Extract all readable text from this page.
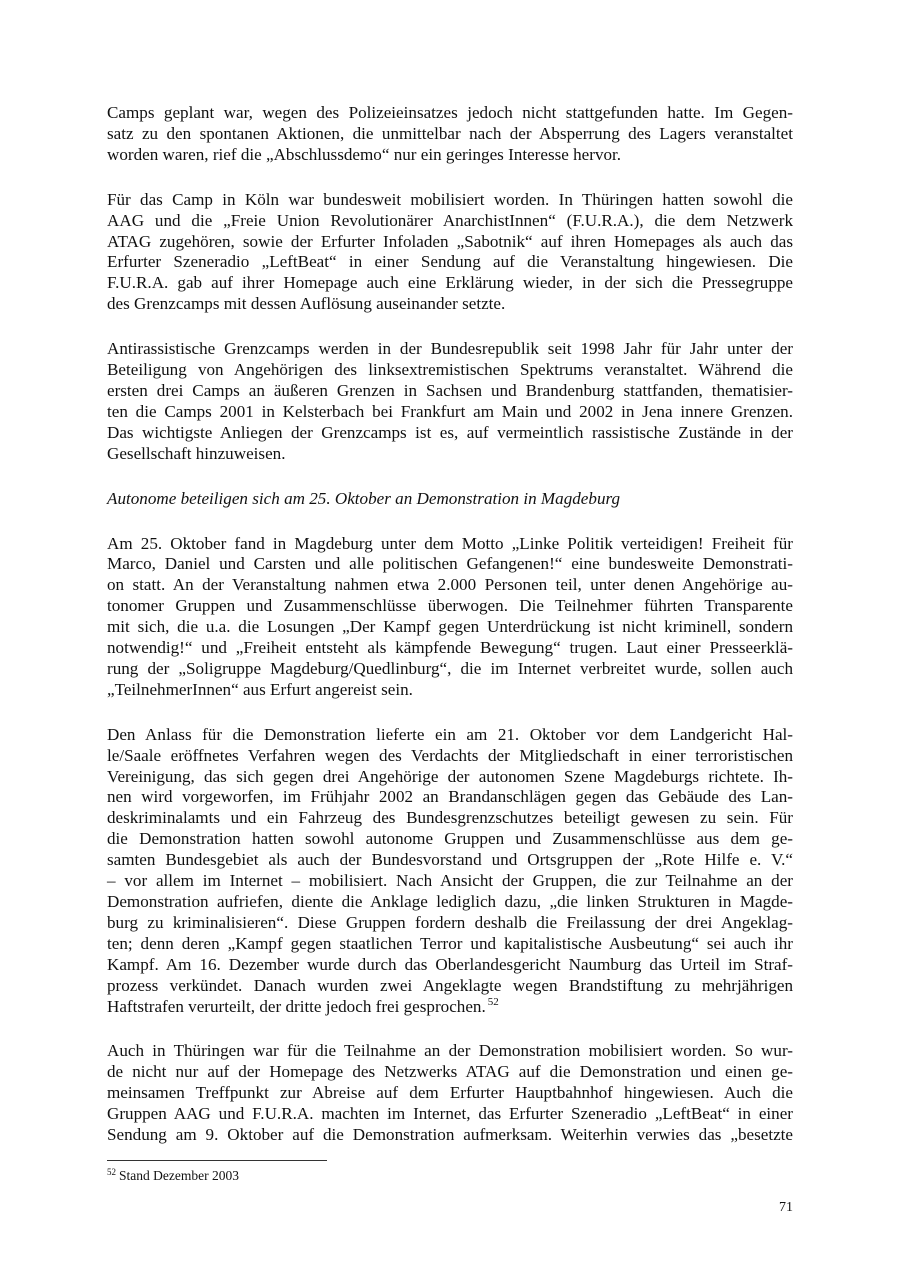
Camps geplant war, wegen des Polizeieinsatzes jedoch nicht stattgefunden hatte. Im Gegen-
satz zu den spontanen Aktionen, die unmittelbar nach der Absperrung des Lagers veranstaltet
worden waren, rief die „Abschlussdemo“ nur ein geringes Interesse hervor.

Für das Camp in Köln war bundesweit mobilisiert worden. In Thüringen hatten sowohl die
AAG und die „Freie Union Revolutionärer AnarchistInnen“ (F.U.R.A.), die dem Netzwerk
ATAG zugehören, sowie der Erfurter Infoladen „Sabotnik“ auf ihren Homepages als auch das
Erfurter Szeneradio „LeftBeat“ in einer Sendung auf die Veranstaltung hingewiesen. Die
F.U.R.A. gab auf ihrer Homepage auch eine Erklärung wieder, in der sich die Pressegruppe
des Grenzcamps mit dessen Auflösung auseinander setzte.

Antirassistische Grenzcamps werden in der Bundesrepublik seit 1998 Jahr für Jahr unter der
Beteiligung von Angehörigen des linksextremistischen Spektrums veranstaltet. Während die
ersten drei Camps an äußeren Grenzen in Sachsen und Brandenburg stattfanden, thematisier-
ten die Camps 2001 in Kelsterbach bei Frankfurt am Main und 2002 in Jena innere Grenzen.
Das wichtigste Anliegen der Grenzcamps ist es, auf vermeintlich rassistische Zustände in der
Gesellschaft hinzuweisen.

Autonome beteiligen sich am 25. Oktober an Demonstration in Magdeburg

Am 25. Oktober fand in Magdeburg unter dem Motto „Linke Politik verteidigen! Freiheit für
Marco, Daniel und Carsten und alle politischen Gefangenen!“ eine bundesweite Demonstrati-
on statt. An der Veranstaltung nahmen etwa 2.000 Personen teil, unter denen Angehörige au-
tonomer Gruppen und Zusammenschlüsse überwogen. Die Teilnehmer führten Transparente
mit sich, die u.a. die Losungen „Der Kampf gegen Unterdrückung ist nicht kriminell, sondern
notwendig!“ und „Freiheit entsteht als kämpfende Bewegung“ trugen. Laut einer Presseerklä-
rung der „Soligruppe Magdeburg/Quedlinburg“, die im Internet verbreitet wurde, sollen auch
„TeilnehmerInnen“ aus Erfurt angereist sein.

Den Anlass für die Demonstration lieferte ein am 21. Oktober vor dem Landgericht Hal-
le/Saale eröffnetes Verfahren wegen des Verdachts der Mitgliedschaft in einer terroristischen
Vereinigung, das sich gegen drei Angehörige der autonomen Szene Magdeburgs richtete. Ih-
nen wird vorgeworfen, im Frühjahr 2002 an Brandanschlägen gegen das Gebäude des Lan-
deskriminalamts und ein Fahrzeug des Bundesgrenzschutzes beteiligt gewesen zu sein. Für
die Demonstration hatten sowohl autonome Gruppen und Zusammenschlüsse aus dem ge-
samten Bundesgebiet als auch der Bundesvorstand und Ortsgruppen der „Rote Hilfe e. V.“
– vor allem im Internet – mobilisiert. Nach Ansicht der Gruppen, die zur Teilnahme an der
Demonstration aufriefen, diente die Anklage lediglich dazu, „die linken Strukturen in Magde-
burg zu kriminalisieren“. Diese Gruppen fordern deshalb die Freilassung der drei Angeklag-
ten; denn deren „Kampf gegen staatlichen Terror und kapitalistische Ausbeutung“ sei auch ihr
Kampf. Am 16. Dezember wurde durch das Oberlandesgericht Naumburg das Urteil im Straf-
prozess verkündet. Danach wurden zwei Angeklagte wegen Brandstiftung zu mehrjährigen
Haftstrafen verurteilt, der dritte jedoch frei gesprochen. $^{52}$

Auch in Thüringen war für die Teilnahme an der Demonstration mobilisiert worden. So wur-
de nicht nur auf der Homepage des Netzwerks ATAG auf die Demonstration und einen ge-
meinsamen Treffpunkt zur Abreise auf dem Erfurter Hauptbahnhof hingewiesen. Auch die
Gruppen AAG und F.U.R.A. machten im Internet, das Erfurter Szeneradio „LeftBeat“ in einer
Sendung am 9. Oktober auf die Demonstration aufmerksam. Weiterhin verwies das „besetzte

$^{52}$ Stand Dezember 2003
71
